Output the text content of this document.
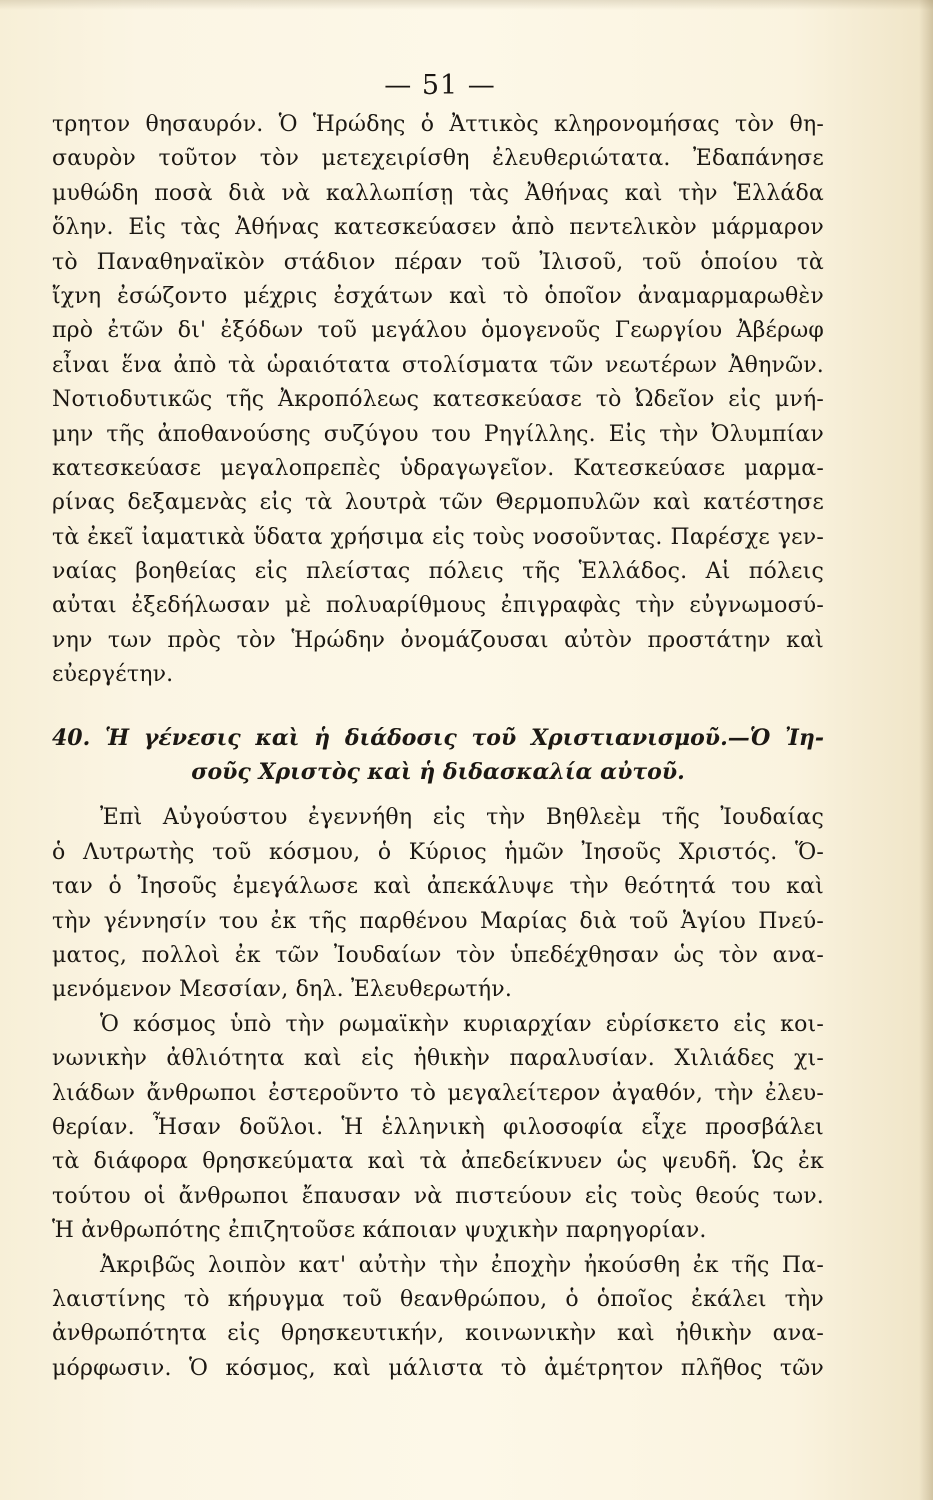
— 51 —
τρητον θησαυρόν. Ὁ Ἡρώδης ὁ Ἀττικὸς κληρονομήσας τὸν θη-
σαυρὸν τοῦτον τὸν μετεχειρίσθη ἐλευθεριώτατα. Ἐδαπάνησε
μυθώδη ποσὰ διὰ νὰ καλλωπίσῃ τὰς Ἀθήνας καὶ τὴν Ἑλλάδα
ὅλην. Εἰς τὰς Ἀθήνας κατεσκεύασεν ἀπὸ πεντελικὸν μάρμαρον
τὸ Παναθηναϊκὸν στάδιον πέραν τοῦ Ἰλισοῦ, τοῦ ὁποίου τὰ
ἴχνη ἐσώζοντο μέχρις ἐσχάτων καὶ τὸ ὁποῖον ἀναμαρμαρωθὲν
πρὸ ἐτῶν δι' ἐξόδων τοῦ μεγάλου ὁμογενοῦς Γεωργίου Ἀβέρωφ
εἶναι ἕνα ἀπὸ τὰ ὡραιότατα στολίσματα τῶν νεωτέρων Ἀθηνῶν.
Νοτιοδυτικῶς τῆς Ἀκροπόλεως κατεσκεύασε τὸ Ὠδεῖον εἰς μνή-
μην τῆς ἀποθανούσης συζύγου του Ρηγίλλης. Εἰς τὴν Ὀλυμπίαν
κατεσκεύασε μεγαλοπρεπὲς ὑδραγωγεῖον. Κατεσκεύασε μαρμα-
ρίνας δεξαμενὰς εἰς τὰ λουτρὰ τῶν Θερμοπυλῶν καὶ κατέστησε
τὰ ἐκεῖ ἰαματικὰ ὕδατα χρήσιμα εἰς τοὺς νοσοῦντας. Παρέσχε γεν-
ναίας βοηθείας εἰς πλείστας πόλεις τῆς Ἑλλάδος. Αἱ πόλεις
αὐται ἐξεδήλωσαν μὲ πολυαρίθμους ἐπιγραφὰς τὴν εὐγνωμοσύ-
νην των πρὸς τὸν Ἡρώδην ὀνομάζουσαι αὐτὸν προστάτην καὶ
εὐεργέτην.
40. Ἡ γένεσις καὶ ἡ διάδοσις τοῦ Χριστιανισμοῦ.—Ὁ Ἰη-
σοῦς Χριστὸς καὶ ἡ διδασκαλία αὐτοῦ.
Ἐπὶ Αὐγούστου ἐγεννήθη εἰς τὴν Βηθλεὲμ τῆς Ἰουδαίας
ὁ Λυτρωτὴς τοῦ κόσμου, ὁ Κύριος ἡμῶν Ἰησοῦς Χριστός. Ὅ-
ταν ὁ Ἰησοῦς ἐμεγάλωσε καὶ ἀπεκάλυψε τὴν θεότητά του καὶ
τὴν γέννησίν του ἐκ τῆς παρθένου Μαρίας διὰ τοῦ Ἁγίου Πνεύ-
ματος, πολλοὶ ἐκ τῶν Ἰουδαίων τὸν ὑπεδέχθησαν ὡς τὸν ανα-
μενόμενον Μεσσίαν, δηλ. Ἐλευθερωτήν.
Ὁ κόσμος ὑπὸ τὴν ρωμαϊκὴν κυριαρχίαν εὑρίσκετο εἰς κοι-
νωνικὴν ἀθλιότητα καὶ εἰς ἠθικὴν παραλυσίαν. Χιλιάδες χι-
λιάδων ἄνθρωποι ἐστεροῦντο τὸ μεγαλείτερον ἀγαθόν, τὴν ἐλευ-
θερίαν. Ἦσαν δοῦλοι. Ἡ ἑλληνικὴ φιλοσοφία εἶχε προσβάλει
τὰ διάφορα θρησκεύματα καὶ τὰ ἀπεδείκνυεν ὡς ψευδῆ. Ὡς ἐκ
τούτου οἱ ἄνθρωποι ἔπαυσαν νὰ πιστεύουν εἰς τοὺς θεούς των.
Ἡ ἀνθρωπότης ἐπιζητοῦσε κάποιαν ψυχικὴν παρηγορίαν.
Ἀκριβῶς λοιπὸν κατ' αὐτὴν τὴν ἐποχὴν ἠκούσθη ἐκ τῆς Πα-
λαιστίνης τὸ κήρυγμα τοῦ θεανθρώπου, ὁ ὁποῖος ἐκάλει τὴν
ἀνθρωπότητα εἰς θρησκευτικήν, κοινωνικὴν καὶ ἠθικὴν ανα-
μόρφωσιν. Ὁ κόσμος, καὶ μάλιστα τὸ ἀμέτρητον πλῆθος τῶν
